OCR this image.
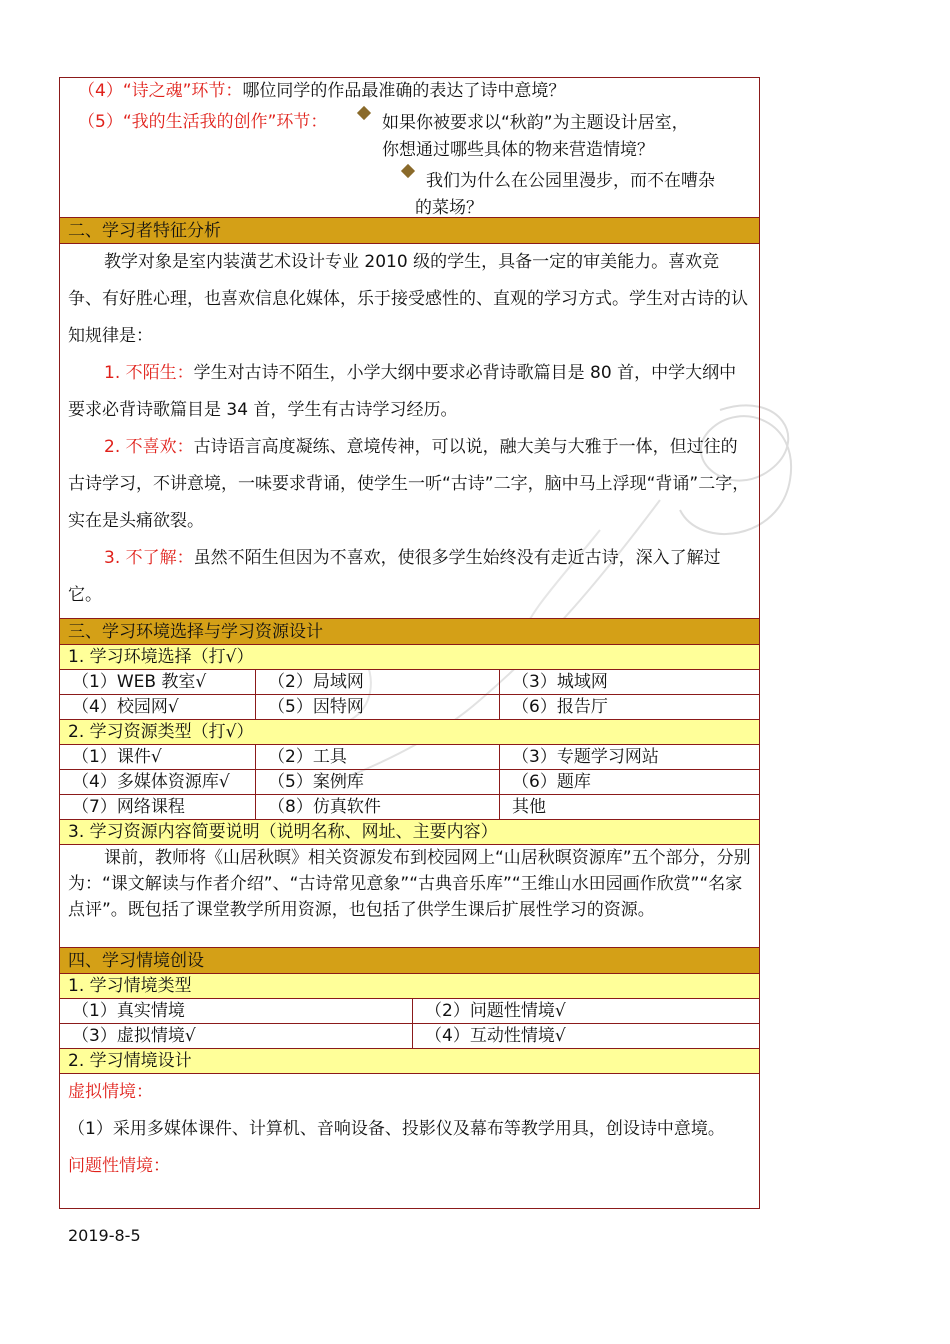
（4）“诗之魂”环节：哪位同学的作品最准确的表达了诗中意境？
（5）“我的生活我的创作”环节：	如果你被要求以“秋韵”为主题设计居室，
你想通过哪些具体的物来营造情境？
我们为什么在公园里漫步，而不在嘈杂
的菜场？
二、学习者特征分析
教学对象是室内装潢艺术设计专业 2010 级的学生，具备一定的审美能力。喜欢竞争、有好胜心理，也喜欢信息化媒体，乐于接受感性的、直观的学习方式。学生对古诗的认知规律是：
1. 不陌生：学生对古诗不陌生，小学大纲中要求必背诗歌篇目是 80 首，中学大纲中要求必背诗歌篇目是 34 首，学生有古诗学习经历。
2. 不喜欢：古诗语言高度凝练、意境传神，可以说，融大美与大雅于一体，但过往的古诗学习，不讲意境，一味要求背诵，使学生一听“古诗”二字，脑中马上浮现“背诵”二字，实在是头痛欲裂。
3. 不了解：虽然不陌生但因为不喜欢，使很多学生始终没有走近古诗，深入了解过它。
三、学习环境选择与学习资源设计
1. 学习环境选择（打√）
（1）WEB 教室√	（2）局域网	（3）城域网
（4）校园网√	（5）因特网	（6）报告厅
2. 学习资源类型（打√）
（1）课件√	（2）工具	（3）专题学习网站
（4）多媒体资源库√	（5）案例库	（6）题库
（7）网络课程	（8）仿真软件	其他
3. 学习资源内容简要说明（说明名称、网址、主要内容）
课前，教师将《山居秋暝》相关资源发布到校园网上“山居秋暝资源库”五个部分，分别为：“课文解读与作者介绍”、“古诗常见意象”“古典音乐库”“王维山水田园画作欣赏”“名家点评”。既包括了课堂教学所用资源，也包括了供学生课后扩展性学习的资源。
四、学习情境创设
1. 学习情境类型
（1）真实情境	（2）问题性情境√
（3）虚拟情境√	（4）互动性情境√
2. 学习情境设计
虚拟情境：
（1）采用多媒体课件、计算机、音响设备、投影仪及幕布等教学用具，创设诗中意境。
问题性情境：
2019-8-5
